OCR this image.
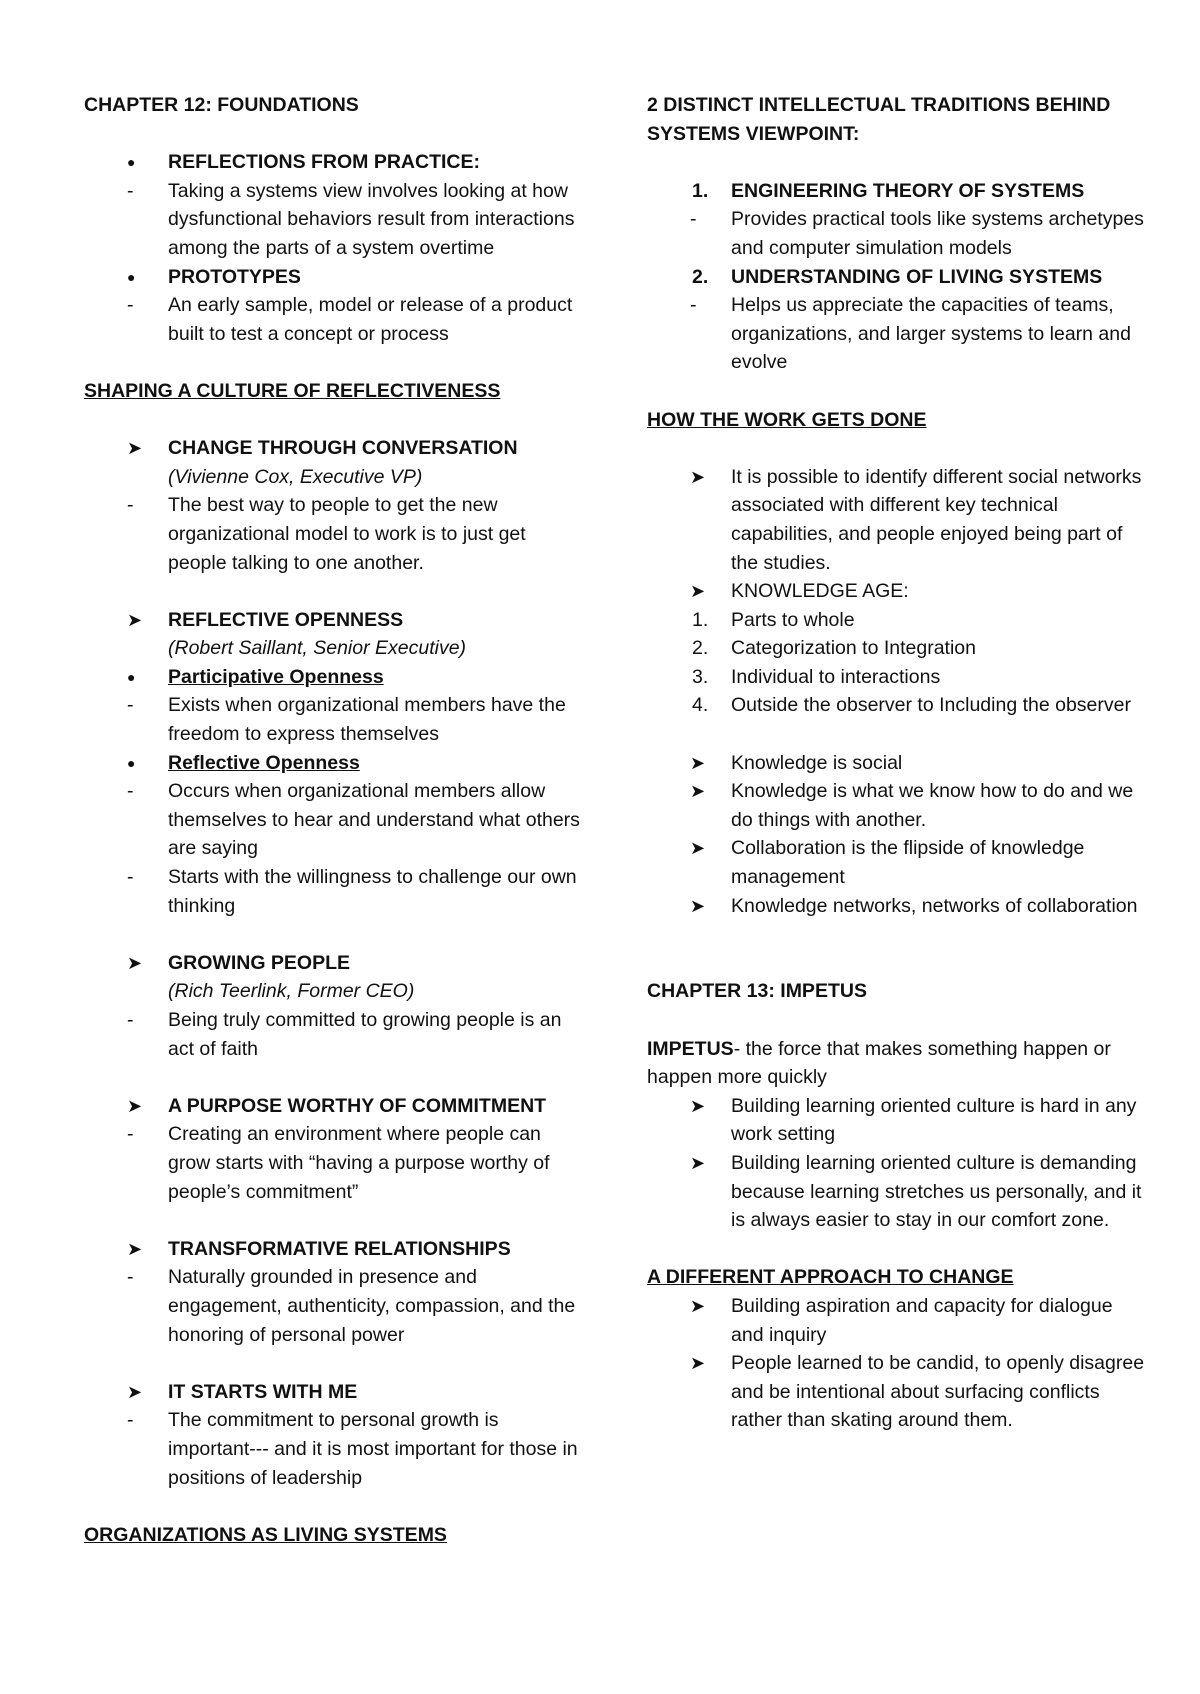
CHAPTER 12: FOUNDATIONS
● REFLECTIONS FROM PRACTICE:
- Taking a systems view involves looking at how dysfunctional behaviors result from interactions among the parts of a system overtime
● PROTOTYPES
- An early sample, model or release of a product built to test a concept or process
SHAPING A CULTURE OF REFLECTIVENESS
➤ CHANGE THROUGH CONVERSATION
(Vivienne Cox, Executive VP)
- The best way to people to get the new organizational model to work is to just get people talking to one another.
➤ REFLECTIVE OPENNESS
(Robert Saillant, Senior Executive)
● Participative Openness
- Exists when organizational members have the freedom to express themselves
● Reflective Openness
- Occurs when organizational members allow themselves to hear and understand what others are saying
- Starts with the willingness to challenge our own thinking
➤ GROWING PEOPLE
(Rich Teerlink, Former CEO)
- Being truly committed to growing people is an act of faith
➤ A PURPOSE WORTHY OF COMMITMENT
- Creating an environment where people can grow starts with “having a purpose worthy of people’s commitment”
➤ TRANSFORMATIVE RELATIONSHIPS
- Naturally grounded in presence and engagement, authenticity, compassion, and the honoring of personal power
➤ IT STARTS WITH ME
- The commitment to personal growth is important--- and it is most important for those in positions of leadership
ORGANIZATIONS AS LIVING SYSTEMS
2 DISTINCT INTELLECTUAL TRADITIONS BEHIND SYSTEMS VIEWPOINT:
1. ENGINEERING THEORY OF SYSTEMS
- Provides practical tools like systems archetypes and computer simulation models
2. UNDERSTANDING OF LIVING SYSTEMS
- Helps us appreciate the capacities of teams, organizations, and larger systems to learn and evolve
HOW THE WORK GETS DONE
➤ It is possible to identify different social networks associated with different key technical capabilities, and people enjoyed being part of the studies.
➤ KNOWLEDGE AGE:
1. Parts to whole
2. Categorization to Integration
3. Individual to interactions
4. Outside the observer to Including the observer
➤ Knowledge is social
➤ Knowledge is what we know how to do and we do things with another.
➤ Collaboration is the flipside of knowledge management
➤ Knowledge networks, networks of collaboration
CHAPTER 13: IMPETUS
IMPETUS- the force that makes something happen or happen more quickly
➤ Building learning oriented culture is hard in any work setting
➤ Building learning oriented culture is demanding because learning stretches us personally, and it is always easier to stay in our comfort zone.
A DIFFERENT APPROACH TO CHANGE
➤ Building aspiration and capacity for dialogue and inquiry
➤ People learned to be candid, to openly disagree and be intentional about surfacing conflicts rather than skating around them.
